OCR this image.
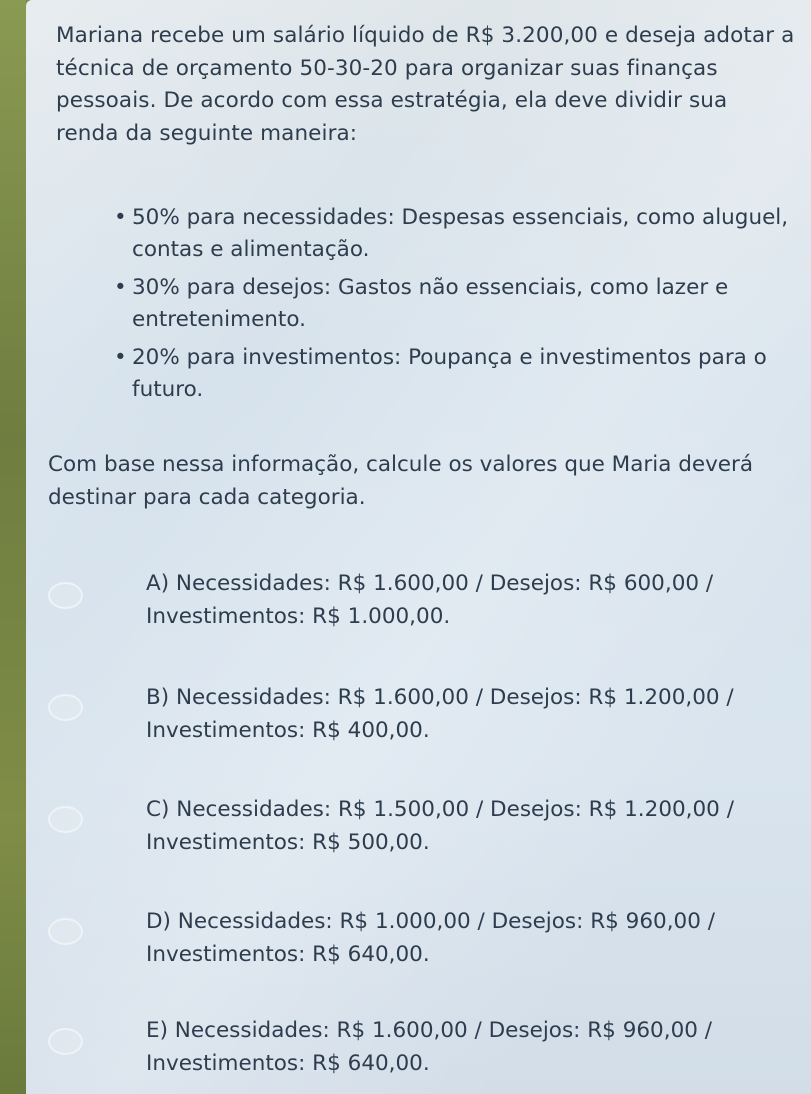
Mariana recebe um salário líquido de R$ 3.200,00 e deseja adotar a técnica de orçamento 50-30-20 para organizar suas finanças pessoais. De acordo com essa estratégia, ela deve dividir sua renda da seguinte maneira:

• 50% para necessidades: Despesas essenciais, como aluguel, contas e alimentação.
• 30% para desejos: Gastos não essenciais, como lazer e entretenimento.
• 20% para investimentos: Poupança e investimentos para o futuro.

Com base nessa informação, calcule os valores que Maria deverá destinar para cada categoria.

A) Necessidades: R$ 1.600,00 / Desejos: R$ 600,00 / Investimentos: R$ 1.000,00.

B) Necessidades: R$ 1.600,00 / Desejos: R$ 1.200,00 / Investimentos: R$ 400,00.

C) Necessidades: R$ 1.500,00 / Desejos: R$ 1.200,00 / Investimentos: R$ 500,00.

D) Necessidades: R$ 1.000,00 / Desejos: R$ 960,00 / Investimentos: R$ 640,00.

E) Necessidades: R$ 1.600,00 / Desejos: R$ 960,00 / Investimentos: R$ 640,00.
